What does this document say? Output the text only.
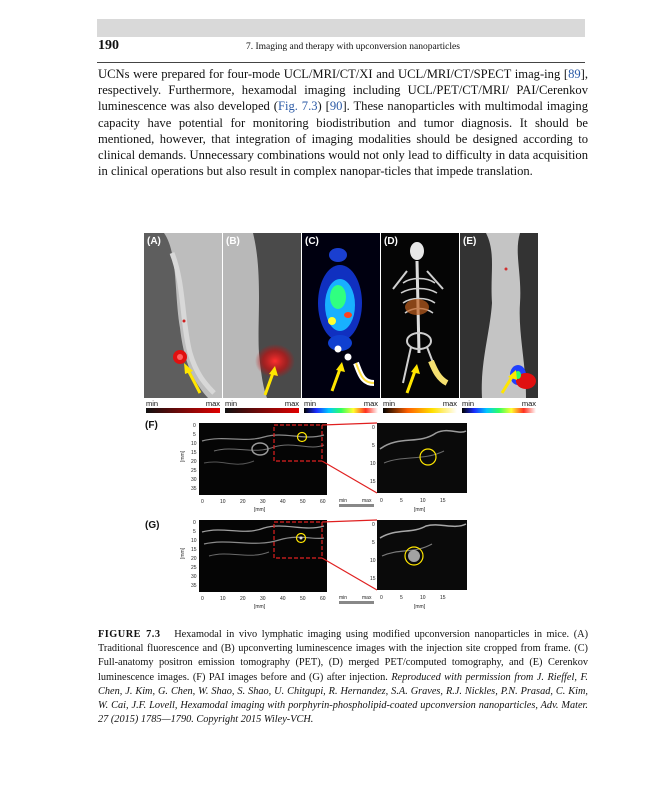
190	7. Imaging and therapy with upconversion nanoparticles

UCNs were prepared for four-mode UCL/MRI/CT/XI and UCL/MRI/CT/SPECT imag-ing [89], respectively. Furthermore, hexamodal imaging including UCL/PET/CT/MRI/ PAI/Cerenkov luminescence was also developed (Fig. 7.3) [90]. These nanoparticles with multimodal imaging capacity have potential for monitoring biodistribution and tumor diagnosis. It should be mentioned, however, that integration of imaging modalities should be designed according to clinical demands. Unnecessary combinations would not only lead to difficulty in data acquisition in clinical operations but also result in complex nanopar-ticles that impede translation.

(A)
min	max
(B)
min	max
(C)
min	max
(D)
min	max
(E)
min	max
(F)
0	10	20	30	40	50	60
0
5
10
15
20
25
30
35
[mm]
[mm]
min	max 0	5	10	15
[mm]
0
5
10
15
(G)
0	10	20	30	40	50	60
0
5
10
15
20
25
30
35
[mm]
[mm]
min	max 0	5	10	15
[mm]
0
5
10
15
FIGURE 7.3 Hexamodal in vivo lymphatic imaging using modified upconversion nanoparticles in mice. (A) Traditional fluorescence and (B) upconverting luminescence images with the injection site cropped from frame. (C) Full-anatomy positron emission tomography (PET), (D) merged PET/computed tomography, and (E) Cerenkov luminescence images. (F) PAI images before and (G) after injection. Reproduced with permission from J. Rieffel, F. Chen, J. Kim, G. Chen, W. Shao, S. Shao, U. Chitgupi, R. Hernandez, S.A. Graves, R.J. Nickles, P.N. Prasad, C. Kim, W. Cai, J.F. Lovell, Hexamodal imaging with porphyrin-phospholipid-coated upconversion nanoparticles, Adv. Mater. 27 (2015) 1785—1790. Copyright 2015 Wiley-VCH.
